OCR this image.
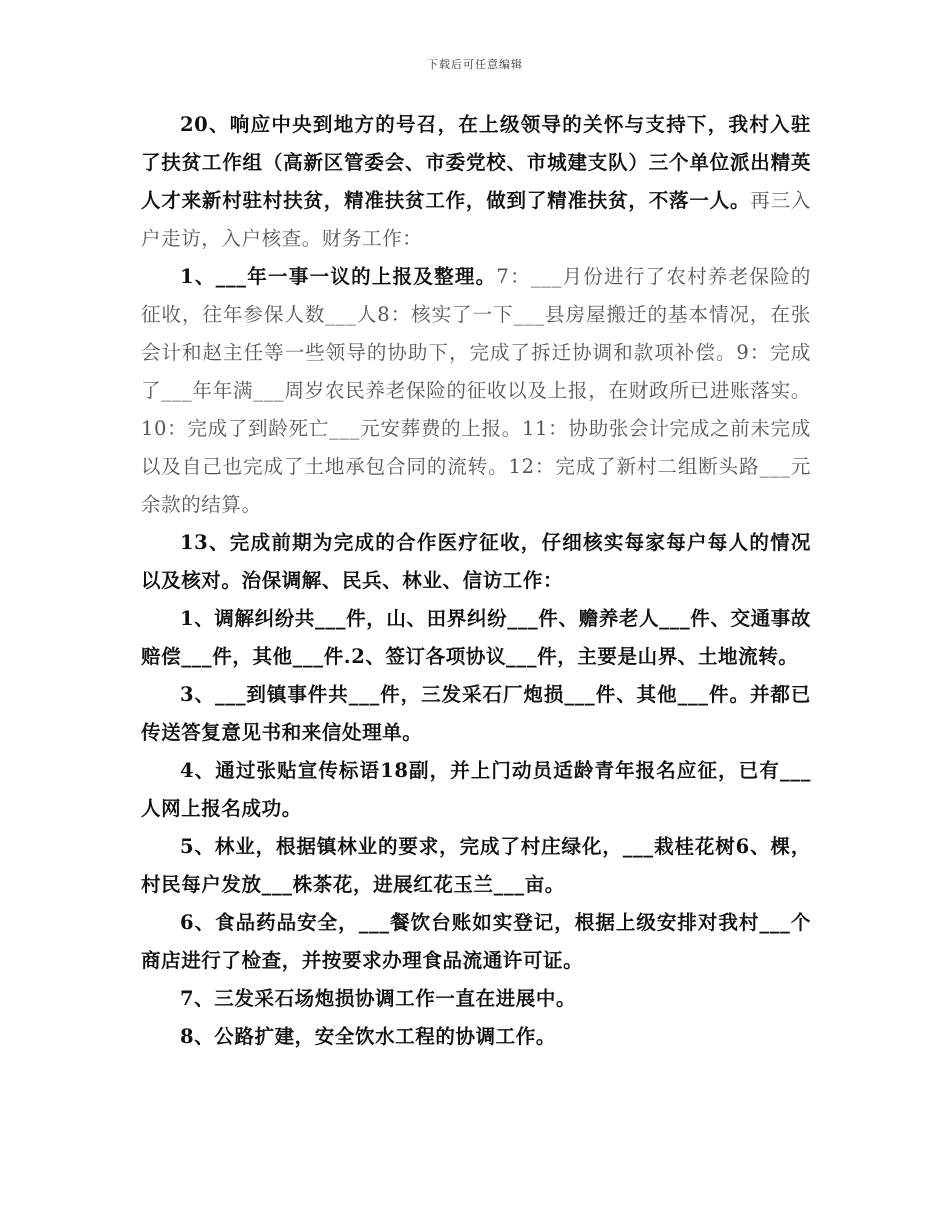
下载后可任意编辑

20、响应中央到地方的号召，在上级领导的关怀与支持下，我村入驻了扶贫工作组（高新区管委会、市委党校、市城建支队）三个单位派出精英人才来新村驻村扶贫，精准扶贫工作，做到了精准扶贫，不落一人。再三入户走访，入户核查。财务工作：

1、___年一事一议的上报及整理。7：___月份进行了农村养老保险的征收，往年参保人数___人8：核实了一下___县房屋搬迁的基本情况，在张会计和赵主任等一些领导的协助下，完成了拆迁协调和款项补偿。9：完成了___年年满___周岁农民养老保险的征收以及上报，在财政所已进账落实。10：完成了到龄死亡___元安葬费的上报。11：协助张会计完成之前未完成以及自己也完成了土地承包合同的流转。12：完成了新村二组断头路___元余款的结算。

13、完成前期为完成的合作医疗征收，仔细核实每家每户每人的情况以及核对。治保调解、民兵、林业、信访工作：

1、调解纠纷共___件，山、田界纠纷___件、赡养老人___件、交通事故赔偿___件，其他___件.2、签订各项协议___件，主要是山界、土地流转。

3、___到镇事件共___件，三发采石厂炮损___件、其他___件。并都已传送答复意见书和来信处理单。

4、通过张贴宣传标语18副，并上门动员适龄青年报名应征，已有___人网上报名成功。

5、林业，根据镇林业的要求，完成了村庄绿化，___栽桂花树6、棵，村民每户发放___株茶花，进展红花玉兰___亩。

6、食品药品安全，___餐饮台账如实登记，根据上级安排对我村___个商店进行了检查，并按要求办理食品流通许可证。

7、三发采石场炮损协调工作一直在进展中。

8、公路扩建，安全饮水工程的协调工作。
